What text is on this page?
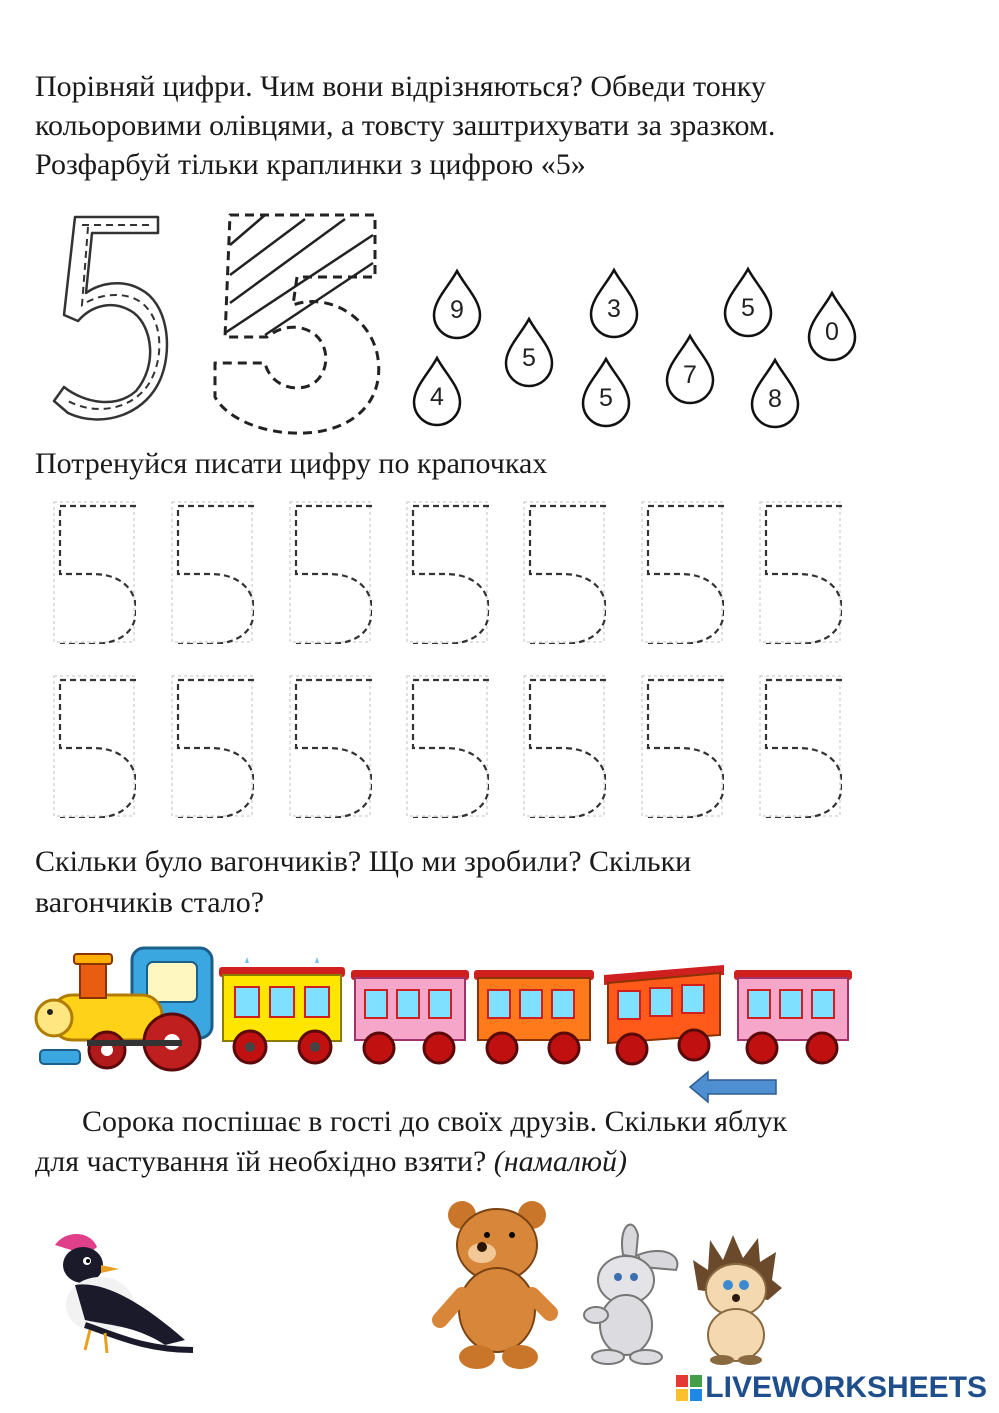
Порівняй цифри. Чим вони відрізняються? Обведи тонку
кольоровими олівцями, а товсту заштрихувати за зразком.
Розфарбуй тільки краплинки з цифрою «5»
9
4
5
3
5
7
5
8
0
Потренуйся писати цифру по крапочках
Скільки було вагончиків? Що ми зробили? Скільки
вагончиків стало?
Сорока поспішає в гості до своїх друзів. Скільки яблук
для частування їй необхідно взяти? (намалюй)
LIVEWORKSHEETS
